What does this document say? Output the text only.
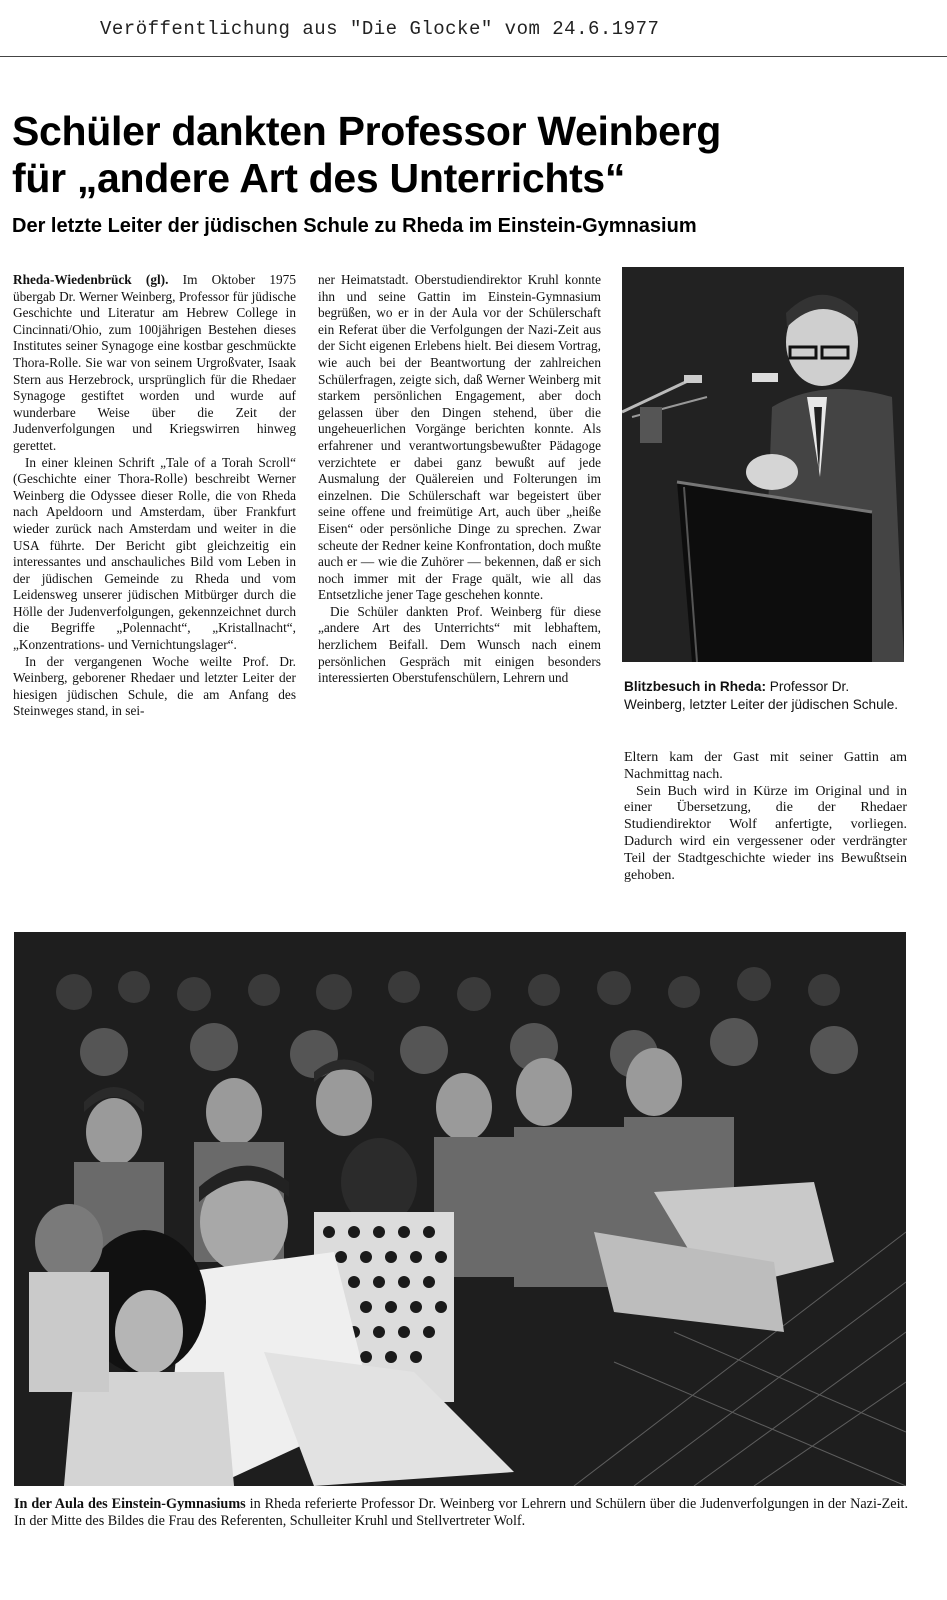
Veröffentlichung aus "Die Glocke" vom 24.6.1977
Schüler dankten Professor Weinberg
für „andere Art des Unterrichts“
Der letzte Leiter der jüdischen Schule zu Rheda im Einstein-Gymnasium

Rheda-Wiedenbrück (gl). Im Oktober 1975 übergab Dr. Werner Weinberg, Professor für jüdische Geschichte und Literatur am Hebrew College in Cincinnati/Ohio, zum 100jährigen Bestehen dieses Institutes seiner Synagoge eine kostbar geschmückte Thora-Rolle. Sie war von seinem Urgroßvater, Isaak Stern aus Herzebrock, ursprünglich für die Rhedaer Synagoge gestiftet worden und wurde auf wunderbare Weise über die Zeit der Judenverfolgungen und Kriegswirren hinweg gerettet.

In einer kleinen Schrift „Tale of a Torah Scroll“ (Geschichte einer Thora-Rolle) beschreibt Werner Weinberg die Odyssee dieser Rolle, die von Rheda nach Apeldoorn und Amsterdam, über Frankfurt wieder zurück nach Amsterdam und weiter in die USA führte. Der Bericht gibt gleichzeitig ein interessantes und anschauliches Bild vom Leben in der jüdischen Gemeinde zu Rheda und vom Leidensweg unserer jüdischen Mitbürger durch die Hölle der Judenverfolgungen, gekennzeichnet durch die Begriffe „Polennacht“, „Kristallnacht“, „Konzentrations- und Vernichtungslager“.

In der vergangenen Woche weilte Prof. Dr. Weinberg, geborener Rhedaer und letzter Leiter der hiesigen jüdischen Schule, die am Anfang des Steinweges stand, in sei-

ner Heimatstadt. Oberstudiendirektor Kruhl konnte ihn und seine Gattin im Einstein-Gymnasium begrüßen, wo er in der Aula vor der Schülerschaft ein Referat über die Verfolgungen der Nazi-Zeit aus der Sicht eigenen Erlebens hielt. Bei diesem Vortrag, wie auch bei der Beantwortung der zahlreichen Schülerfragen, zeigte sich, daß Werner Weinberg mit starkem persönlichen Engagement, aber doch gelassen über den Dingen stehend, über die ungeheuerlichen Vorgänge berichten konnte. Als erfahrener und verantwortungsbewußter Pädagoge verzichtete er dabei ganz bewußt auf jede Ausmalung der Quälereien und Folterungen im einzelnen. Die Schülerschaft war begeistert über seine offene und freimütige Art, auch über „heiße Eisen“ oder persönliche Dinge zu sprechen. Zwar scheute der Redner keine Konfrontation, doch mußte auch er — wie die Zuhörer — bekennen, daß er sich noch immer mit der Frage quält, wie all das Entsetzliche jener Tage geschehen konnte.

Die Schüler dankten Prof. Weinberg für diese „andere Art des Unterrichts“ mit lebhaftem, herzlichem Beifall. Dem Wunsch nach einem persönlichen Gespräch mit einigen besonders interessierten Oberstufenschülern, Lehrern und

Blitzbesuch in Rheda: Professor Dr. Weinberg, letzter Leiter der jüdischen Schule.

Eltern kam der Gast mit seiner Gattin am Nachmittag nach.

Sein Buch wird in Kürze im Original und in einer Übersetzung, die der Rhedaer Studiendirektor Wolf anfertigte, vorliegen. Dadurch wird ein vergessener oder verdrängter Teil der Stadtgeschichte wieder ins Bewußtsein gehoben.

In der Aula des Einstein-Gymnasiums in Rheda referierte Professor Dr. Weinberg vor Lehrern und Schülern über die Judenverfolgungen in der Nazi-Zeit. In der Mitte des Bildes die Frau des Referenten, Schulleiter Kruhl und Stellvertreter Wolf.
